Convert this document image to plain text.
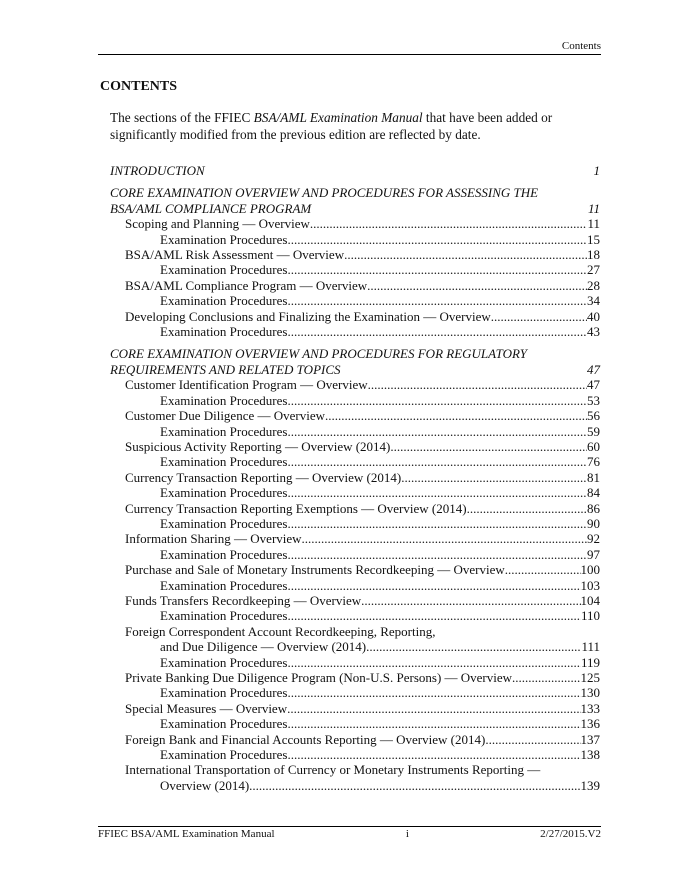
Contents
CONTENTS
The sections of the FFIEC BSA/AML Examination Manual that have been added or significantly modified from the previous edition are reflected by date.
INTRODUCTION	1
CORE EXAMINATION OVERVIEW AND PROCEDURES FOR ASSESSING THE
BSA/AML COMPLIANCE PROGRAM	11
Scoping and Planning — Overview .....	11
Examination Procedures .....	15
BSA/AML Risk Assessment — Overview .....	18
Examination Procedures .....	27
BSA/AML Compliance Program — Overview .....	28
Examination Procedures .....	34
Developing Conclusions and Finalizing the Examination — Overview .....	40
Examination Procedures .....	43
CORE EXAMINATION OVERVIEW AND PROCEDURES FOR REGULATORY
REQUIREMENTS AND RELATED TOPICS	47
Customer Identification Program — Overview .....	47
Examination Procedures .....	53
Customer Due Diligence — Overview .....	56
Examination Procedures .....	59
Suspicious Activity Reporting — Overview (2014) .....	60
Examination Procedures .....	76
Currency Transaction Reporting — Overview (2014) .....	81
Examination Procedures .....	84
Currency Transaction Reporting Exemptions — Overview (2014) .....	86
Examination Procedures .....	90
Information Sharing — Overview .....	92
Examination Procedures .....	97
Purchase and Sale of Monetary Instruments Recordkeeping — Overview .....	100
Examination Procedures .....	103
Funds Transfers Recordkeeping — Overview .....	104
Examination Procedures .....	110
Foreign Correspondent Account Recordkeeping, Reporting,
and Due Diligence — Overview (2014) .....	111
Examination Procedures .....	119
Private Banking Due Diligence Program (Non-U.S. Persons) — Overview .....	125
Examination Procedures .....	130
Special Measures — Overview .....	133
Examination Procedures .....	136
Foreign Bank and Financial Accounts Reporting — Overview (2014) .....	137
Examination Procedures .....	138
International Transportation of Currency or Monetary Instruments Reporting —
Overview (2014) .....	139
FFIEC BSA/AML Examination Manual	i	2/27/2015.V2
